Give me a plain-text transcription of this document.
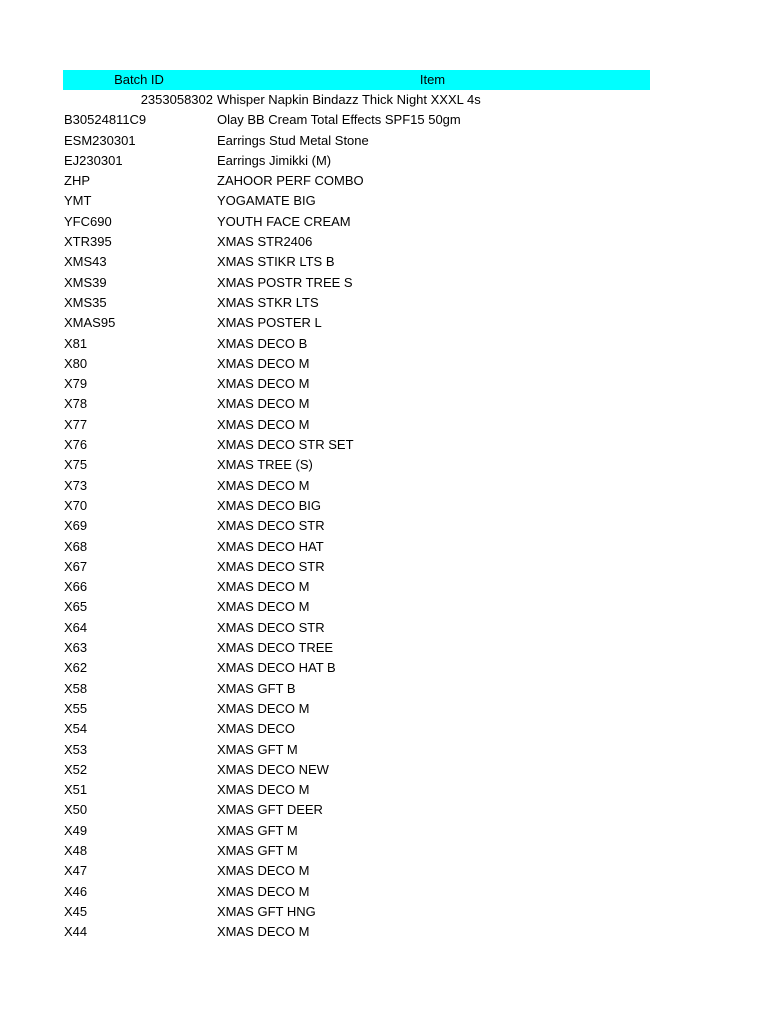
Batch ID	Item
2353058302 Whisper Napkin Bindazz Thick Night XXXL 4s
B30524811C9	Olay BB Cream Total Effects SPF15 50gm
ESM230301	Earrings Stud Metal Stone
EJ230301	Earrings Jimikki (M)
ZHP	ZAHOOR PERF COMBO
YMT	YOGAMATE BIG
YFC690	YOUTH FACE CREAM
XTR395	XMAS STR2406
XMS43	XMAS STIKR LTS B
XMS39	XMAS POSTR TREE S
XMS35	XMAS STKR LTS
XMAS95	XMAS POSTER L
X81	XMAS DECO B
X80	XMAS DECO M
X79	XMAS DECO M
X78	XMAS DECO M
X77	XMAS DECO M
X76	XMAS DECO STR SET
X75	XMAS TREE (S)
X73	XMAS DECO M
X70	XMAS DECO BIG
X69	XMAS DECO STR
X68	XMAS DECO HAT
X67	XMAS DECO STR
X66	XMAS DECO M
X65	XMAS DECO M
X64	XMAS DECO STR
X63	XMAS DECO TREE
X62	XMAS DECO HAT B
X58	XMAS GFT B
X55	XMAS DECO M
X54	XMAS DECO
X53	XMAS GFT M
X52	XMAS DECO NEW
X51	XMAS DECO M
X50	XMAS GFT DEER
X49	XMAS GFT M
X48	XMAS GFT M
X47	XMAS DECO M
X46	XMAS DECO M
X45	XMAS GFT HNG
X44	XMAS DECO M
